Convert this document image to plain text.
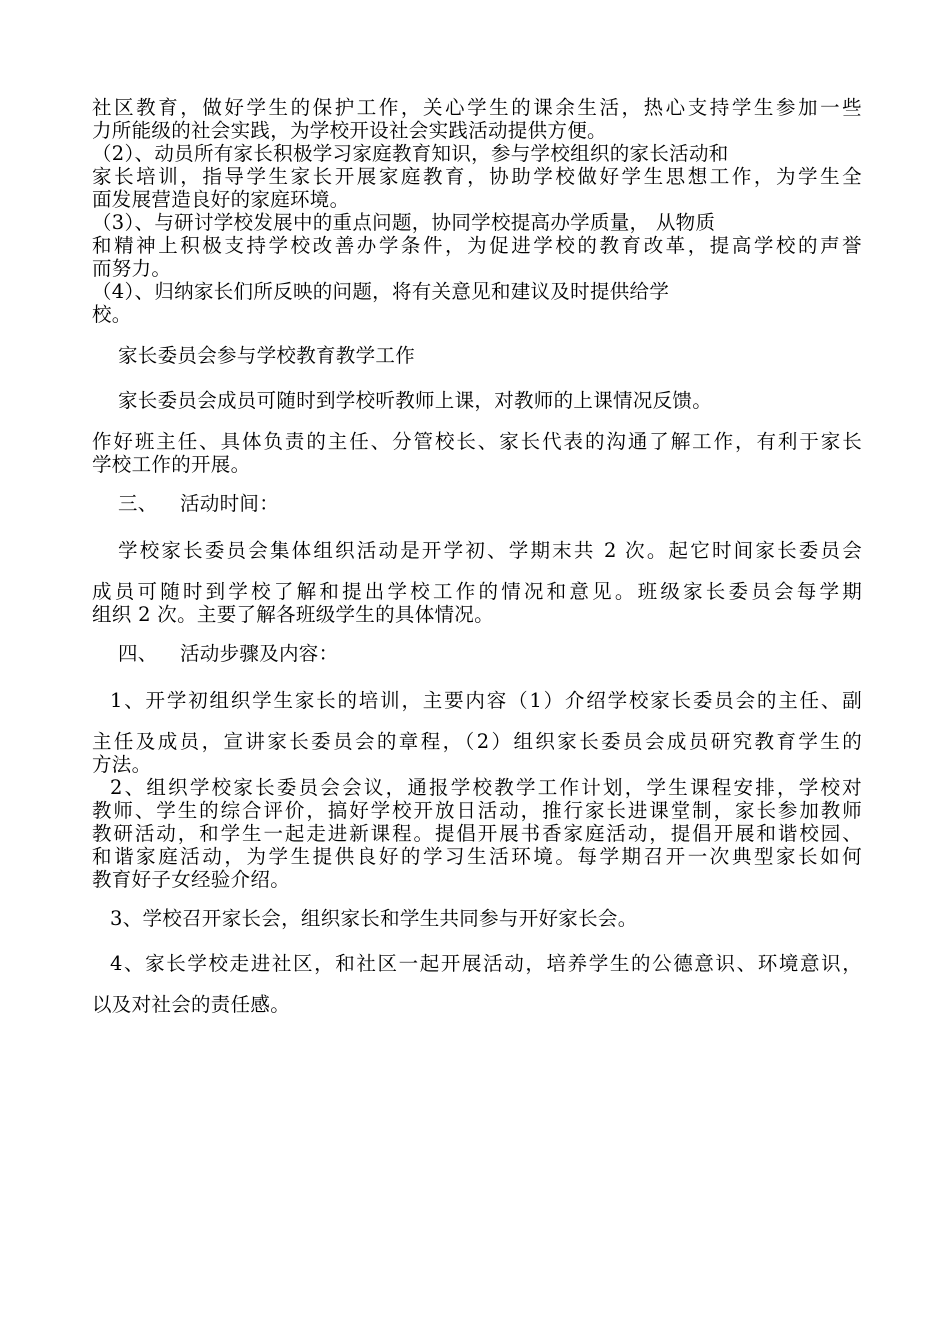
社区教育，做好学生的保护工作，关心学生的课余生活，热心支持学生参加一些
力所能级的社会实践，为学校开设社会实践活动提供方便。
（2）、动员所有家长积极学习家庭教育知识，参与学校组织的家长活动和
家长培训，指导学生家长开展家庭教育，协助学校做好学生思想工作，为学生全
面发展营造良好的家庭环境。
（3）、与研讨学校发展中的重点问题，协同学校提高办学质量， 从物质
和精神上积极支持学校改善办学条件，为促进学校的教育改革，提高学校的声誉
而努力。
（4）、归纳家长们所反映的问题，将有关意见和建议及时提供给学
校。
家长委员会参与学校教育教学工作
家长委员会成员可随时到学校听教师上课，对教师的上课情况反馈。
作好班主任、具体负责的主任、分管校长、家长代表的沟通了解工作，有利于家长
学校工作的开展。
三、 活动时间：
学校家长委员会集体组织活动是开学初、学期末共 2 次。起它时间家长委员会
成员可随时到学校了解和提出学校工作的情况和意见。班级家长委员会每学期
组织 2 次。主要了解各班级学生的具体情况。
四、 活动步骤及内容：
1、开学初组织学生家长的培训，主要内容（1）介绍学校家长委员会的主任、副
主任及成员，宣讲家长委员会的章程，（2）组织家长委员会成员研究教育学生的
方法。
2、组织学校家长委员会会议，通报学校教学工作计划，学生课程安排，学校对
教师、学生的综合评价，搞好学校开放日活动，推行家长进课堂制，家长参加教师
教研活动，和学生一起走进新课程。提倡开展书香家庭活动，提倡开展和谐校园、
和谐家庭活动，为学生提供良好的学习生活环境。每学期召开一次典型家长如何
教育好子女经验介绍。
3、学校召开家长会，组织家长和学生共同参与开好家长会。
4、家长学校走进社区，和社区一起开展活动，培养学生的公德意识、环境意识，
以及对社会的责任感。
